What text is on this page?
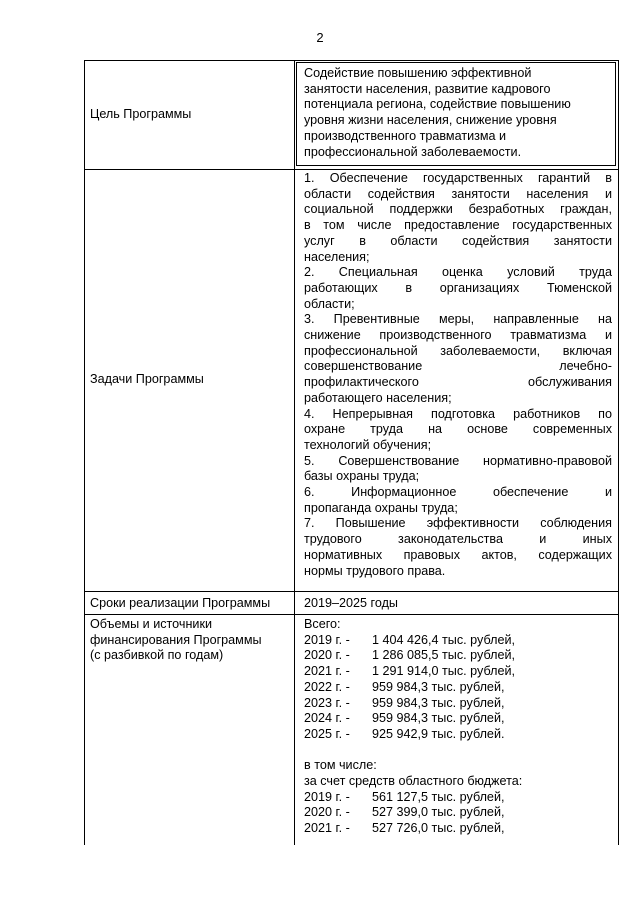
2
Цель Программы
Содействие повышению эффективной
занятости населения, развитие кадрового
потенциала региона, содействие повышению
уровня жизни населения, снижение уровня
производственного травматизма и
профессиональной заболеваемости.
Задачи Программы
1. Обеспечение государственных гарантий в
области содействия занятости населения и
социальной поддержки безработных граждан,
в том числе предоставление государственных
услуг в области содействия занятости
населения;
2. Специальная оценка условий труда
работающих в организациях Тюменской
области;
3. Превентивные меры, направленные на
снижение производственного травматизма и
профессиональной заболеваемости, включая
совершенствование лечебно-
профилактического обслуживания
работающего населения;
4. Непрерывная подготовка работников по
охране труда на основе современных
технологий обучения;
5. Совершенствование нормативно-правовой
базы охраны труда;
6. Информационное обеспечение и
пропаганда охраны труда;
7. Повышение эффективности соблюдения
трудового законодательства и иных
нормативных правовых актов, содержащих
нормы трудового права.
Сроки реализации Программы	2019–2025 годы
Объемы и источники
финансирования Программы
(с разбивкой по годам)
Всего:
2019 г. - 1 404 426,4 тыс. рублей,
2020 г. - 1 286 085,5 тыс. рублей,
2021 г. - 1 291 914,0 тыс. рублей,
2022 г. - 959 984,3 тыс. рублей,
2023 г. - 959 984,3 тыс. рублей,
2024 г. - 959 984,3 тыс. рублей,
2025 г. - 925 942,9 тыс. рублей.
в том числе:
за счет средств областного бюджета:
2019 г. - 561 127,5 тыс. рублей,
2020 г. - 527 399,0 тыс. рублей,
2021 г. - 527 726,0 тыс. рублей,
